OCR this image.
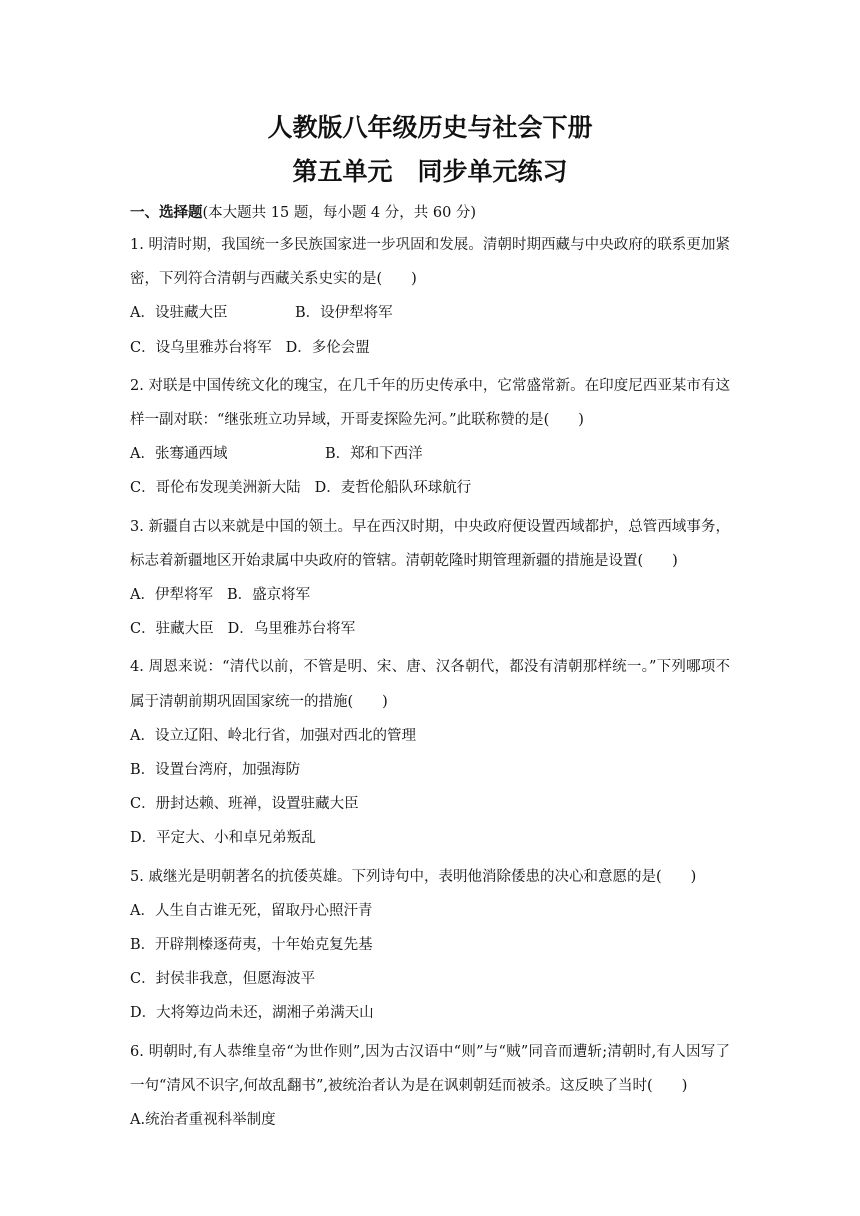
人教版八年级历史与社会下册
第五单元　同步单元练习
一、选择题(本大题共 15 题，每小题 4 分，共 60 分)
1. 明清时期，我国统一多民族国家进一步巩固和发展。清朝时期西藏与中央政府的联系更加紧密，下列符合清朝与西藏关系史实的是(　　)
A．设驻藏大臣	B．设伊犁将军
C．设乌里雅苏台将军 D．多伦会盟
2. 对联是中国传统文化的瑰宝，在几千年的历史传承中，它常盛常新。在印度尼西亚某市有这样一副对联：“继张班立功异域，开哥麦探险先河。”此联称赞的是(　　)
A．张骞通西域	B．郑和下西洋
C．哥伦布发现美洲新大陆 D．麦哲伦船队环球航行
3. 新疆自古以来就是中国的领土。早在西汉时期，中央政府便设置西域都护，总管西域事务，标志着新疆地区开始隶属中央政府的管辖。清朝乾隆时期管理新疆的措施是设置(　　)
A．伊犁将军 B．盛京将军
C．驻藏大臣 D．乌里雅苏台将军
4. 周恩来说：“清代以前，不管是明、宋、唐、汉各朝代，都没有清朝那样统一。”下列哪项不属于清朝前期巩固国家统一的措施(　　)
A．设立辽阳、岭北行省，加强对西北的管理
B．设置台湾府，加强海防
C．册封达赖、班禅，设置驻藏大臣
D．平定大、小和卓兄弟叛乱
5. 戚继光是明朝著名的抗倭英雄。下列诗句中，表明他消除倭患的决心和意愿的是(　　)
A．人生自古谁无死，留取丹心照汗青
B．开辟荆榛逐荷夷，十年始克复先基
C．封侯非我意，但愿海波平
D．大将筹边尚未还，湖湘子弟满天山
6. 明朝时,有人恭维皇帝“为世作则”,因为古汉语中“则”与“贼”同音而遭斩;清朝时,有人因写了一句“清风不识字,何故乱翻书”,被统治者认为是在讽刺朝廷而被杀。这反映了当时(　　)
A.统治者重视科举制度
